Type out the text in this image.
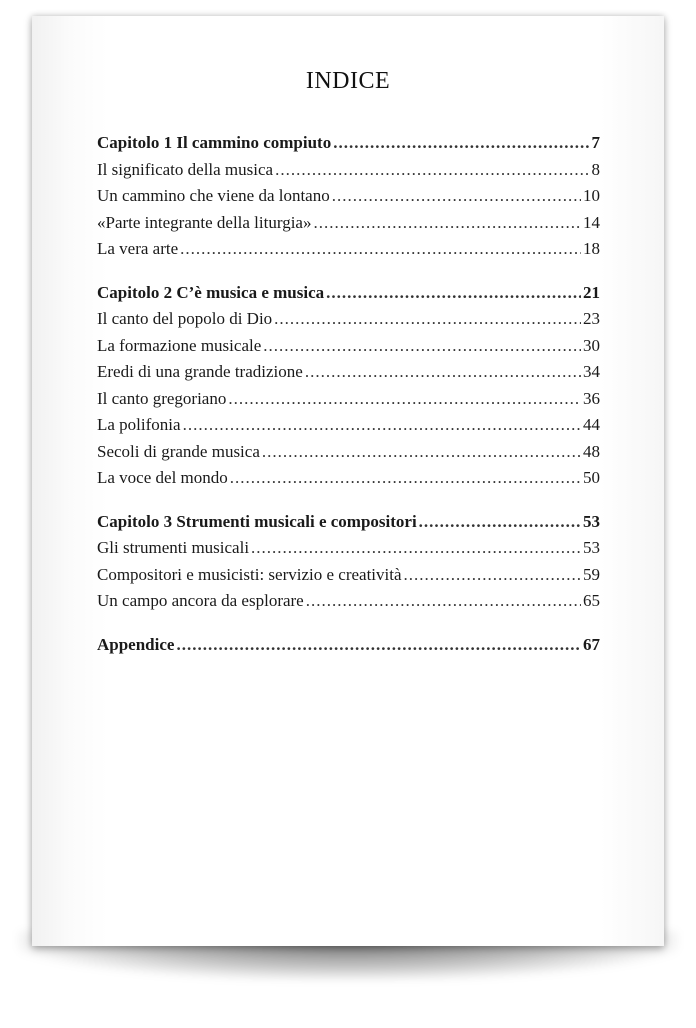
INDICE
Capitolo 1 Il cammino compiuto .....	7
Il significato della musica .....	8
Un cammino che viene da lontano .....	10
«Parte integrante della liturgia» .....	14
La vera arte .....	18
Capitolo 2 C’è musica e musica .....	21
Il canto del popolo di Dio .....	23
La formazione musicale .....	30
Eredi di una grande tradizione .....	34
Il canto gregoriano .....	36
La polifonia .....	44
Secoli di grande musica .....	48
La voce del mondo .....	50
Capitolo 3 Strumenti musicali e compositori .....	53
Gli strumenti musicali .....	53
Compositori e musicisti: servizio e creatività .....	59
Un campo ancora da esplorare .....	65
Appendice .....	67
